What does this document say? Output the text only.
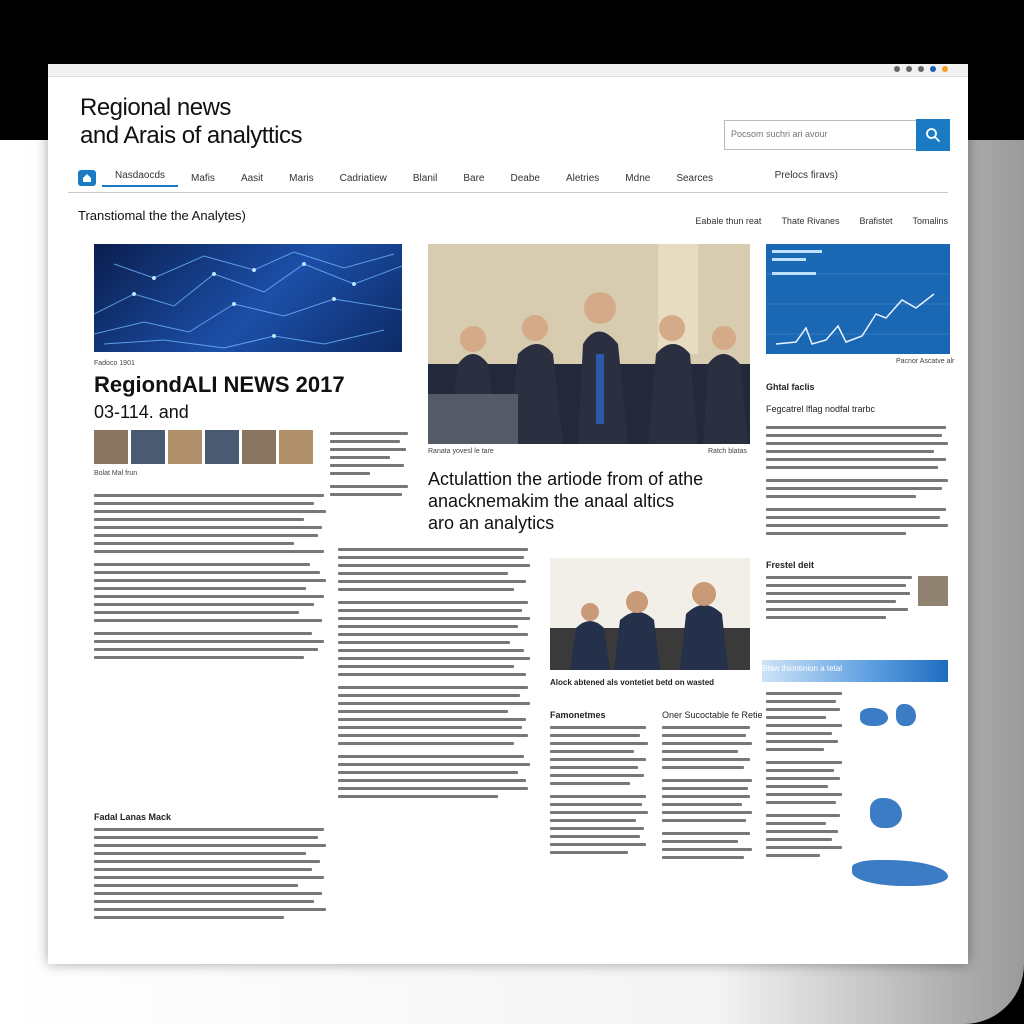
Regional news
and Arais of analyttics
Pocsom suchri ari avour
Nasdaocds	Mafis	Aasit	Maris	Cadriatiew	Blanil	Bare	Deabe	Aletries	Mdne	Searces	Prelocs firavs)
Transtiomal the the Analytes)	Eabale thun reat Thate Rivanes Brafistet Tomalins
Fadoco 1901
RegiondALI NEWS 2017
03-114. and
Bolat Mal frun
Fadal Lanas Mack
Ranata yovesl le tare	Ratch blatas
Actulattion the artiode from of athe
anacknemakim the anaal altics
aro an analytics
Alock abtened als vontetiet betd on wasted
Famonetmes	Oner Sucoctable fe Retie
Pacnor Ascatve alr
Ghtal faclis
Fegcatrel lflag nodfal trarbc
Frestel deit
Blaw thiontinion a tetal
